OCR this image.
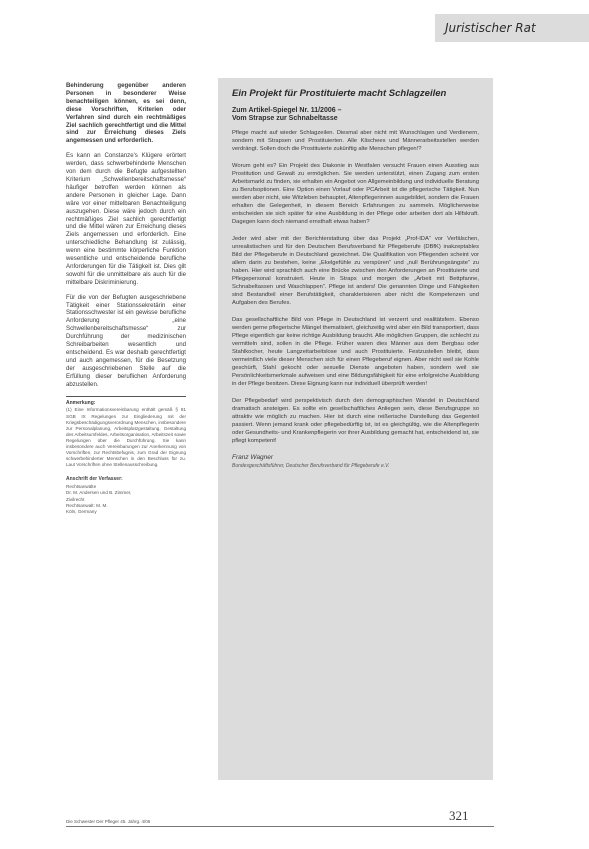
Juristischer Rat

Behinderung gegenüber anderen Personen in besonderer Weise benachteiligen können, es sei denn, diese Vorschriften, Kriterien oder Verfahren sind durch ein rechtmäßiges Ziel sachlich gerechtfertigt und die Mittel sind zur Erreichung dieses Ziels angemessen und erforderlich.

Es kann an Constanze's Klügere erörtert werden, dass schwerbehinderte Menschen von dem durch die Befugte aufgestellten Kriterium „Schwellenbereitschaftsmesse“ häufiger betroffen werden können als andere Personen in gleicher Lage. Dann wäre vor einer mittelbaren Benachteiligung auszugehen. Diese wäre jedoch durch ein rechtmäßiges Ziel sachlich gerechtfertigt und die Mittel wären zur Erreichung dieses Ziels angemessen und erforderlich. Eine unterschiedliche Behandlung ist zulässig, wenn eine bestimmte körperliche Funktion wesentliche und entscheidende berufliche Anforderungen für die Tätigkeit ist. Dies gilt sowohl für die unmittelbare als auch für die mittelbare Diskriminierung.

Für die von der Befugten ausgeschriebene Tätigkeit einer Stationssekretärin einer Stationsschwester ist ein gewisse berufliche Anforderung „eine Schwellenbereitschaftsmesse“ zur Durchführung der medizinischen Schreibarbeiten wesentlich und entscheidend. Es war deshalb gerechtfertigt und auch angemessen, für die Besetzung der ausgeschriebenen Stelle auf die Erfüllung dieser beruflichen Anforderung abzustellen.

Anmerkung:
(1) Eine Informationsvereinbarung enthält gemäß § 81 SGB IX Regelungen zur Eingliederung mit der Kriegsbeschädigungsverordnung Menschen, insbesondere zur Personalplanung, Arbeitsplatzgestaltung, Gestaltung des Arbeitsumfeldes, Arbeitsorganisation, Arbeitszeit sowie Regelungen über die Durchführung. Sie kann insbesondere auch Vereinbarungen zur Anerkennung von Vorschriften, zur Rechtsbefugnis, zum Grad der Eignung schwerbehinderter Menschen in den Beschluss für zu. Laut Vorschriften ohne Stellenausschreibung.
Anschrift der Verfasser:
Rechtsanwälte
Dr. M. Andersen und B. Zimmer,
Zivilrecht
Rechtsanwalt: M. M.
Köln, Germany
Ein Projekt für Prostituierte macht Schlagzeilen
Zum Artikel-Spiegel Nr. 11/2006 –
Vom Strapse zur Schnabeltasse

Pflege macht auf wieder Schlagzeilen. Diesmal aber nicht mit Wunschlagen und Verdienern, sondern mit Strapsen und Prostituierten. Alle Klischees und Männerarbeitsstellen werden verdrängt. Sollen doch die Prostituierte zukünftig alte Menschen pflegen!?

Worum geht es? Ein Projekt des Diakonie in Westfalen versucht Frauen einen Ausstieg aus Prostitution und Gewalt zu ermöglichen. Sie werden unterstützt, einen Zugang zum ersten Arbeitsmarkt zu finden, sie erhalten ein Angebot von Allgemeinbildung und individuelle Beratung zu Berufsoptionen. Eine Option einen Vorlauf oder PCArbeit ist die pflegerische Tätigkeit. Nun werden aber nicht, wie Witzleben behauptet, Altenpflegerinnen ausgebildet, sondern die Frauen erhalten die Gelegenheit, in diesem Bereich Erfahrungen zu sammeln. Möglicherweise entscheiden sie sich später für eine Ausbildung in der Pflege oder arbeiten dort als Hilfskraft. Dagegen kann doch niemand ernsthaft etwas haben?

Jeder wird aber mit der Berichterstattung über das Projekt „Prof-IDA“ vor Verfälschen, unrealistischen und für den Deutschen Berufsverband für Pflegeberufe (DBfK) inakzeptables Bild der Pflegeberufe in Deutschland gezeichnet. Die Qualifikation von Pflegenden scheint vor allem darin zu bestehen, keine „Ekelgefühle zu verspüren“ und „null Berührungsängste“ zu haben. Hier wird sprachlich auch eine Brücke zwischen den Anforderungen an Prostituierte und Pflegepersonal konstruiert. Heute in Straps und morgen die „Arbeit mit Bettpfanne, Schnabeltassen und Waschlappen“. Pflege ist anders! Die genannten Dinge und Fähigkeiten sind Bestandteil einer Berufstätigkeit, charakterisieren aber nicht die Kompetenzen und Aufgaben des Berufes.

Das gesellschaftliche Bild von Pflege in Deutschland ist verzerrt und realitätsfern. Ebenso werden gerne pflegerische Mängel thematisiert, gleichzeitig wird aber ein Bild transportiert, dass Pflege eigentlich gar keine richtige Ausbildung braucht. Alle möglichen Gruppen, die schlecht zu vermitteln sind, sollen in die Pflege. Früher waren dies Männer aus dem Bergbau oder Stahlkocher, heute Langzeitarbeitslose und auch Prostituierte. Festzustellen bleibt, dass vermeintlich viele dieser Menschen sich für einen Pflegeberuf eignen. Aber nicht weil sie Kohle geschürft, Stahl gekocht oder sexuelle Dienste angeboten haben, sondern weil sie Persönlichkeitsmerkmale aufweisen und eine Bildungsfähigkeit für eine erfolgreiche Ausbildung in der Pflege besitzen. Diese Eignung kann nur individuell überprüft werden!

Der Pflegebedarf wird perspektivisch durch den demographischen Wandel in Deutschland dramatisch ansteigen. Es sollte ein gesellschaftliches Anliegen sein, diese Berufsgruppe so attraktiv wie möglich zu machen. Hier ist durch eine reißerische Darstellung das Gegenteil passiert. Wenn jemand krank oder pflegebedürftig ist, ist es gleichgültig, wie die Altenpflegerin oder Gesundheits- und Krankenpflegerin vor ihrer Ausbildung gemacht hat, entscheidend ist, sie pflegt kompetent!

Franz Wagner
Bundesgeschäftsführer, Deutscher Berufsverband für Pflegeberufe e.V.
321
Die Schwester Der Pfleger 45. Jahrg. 4/06
